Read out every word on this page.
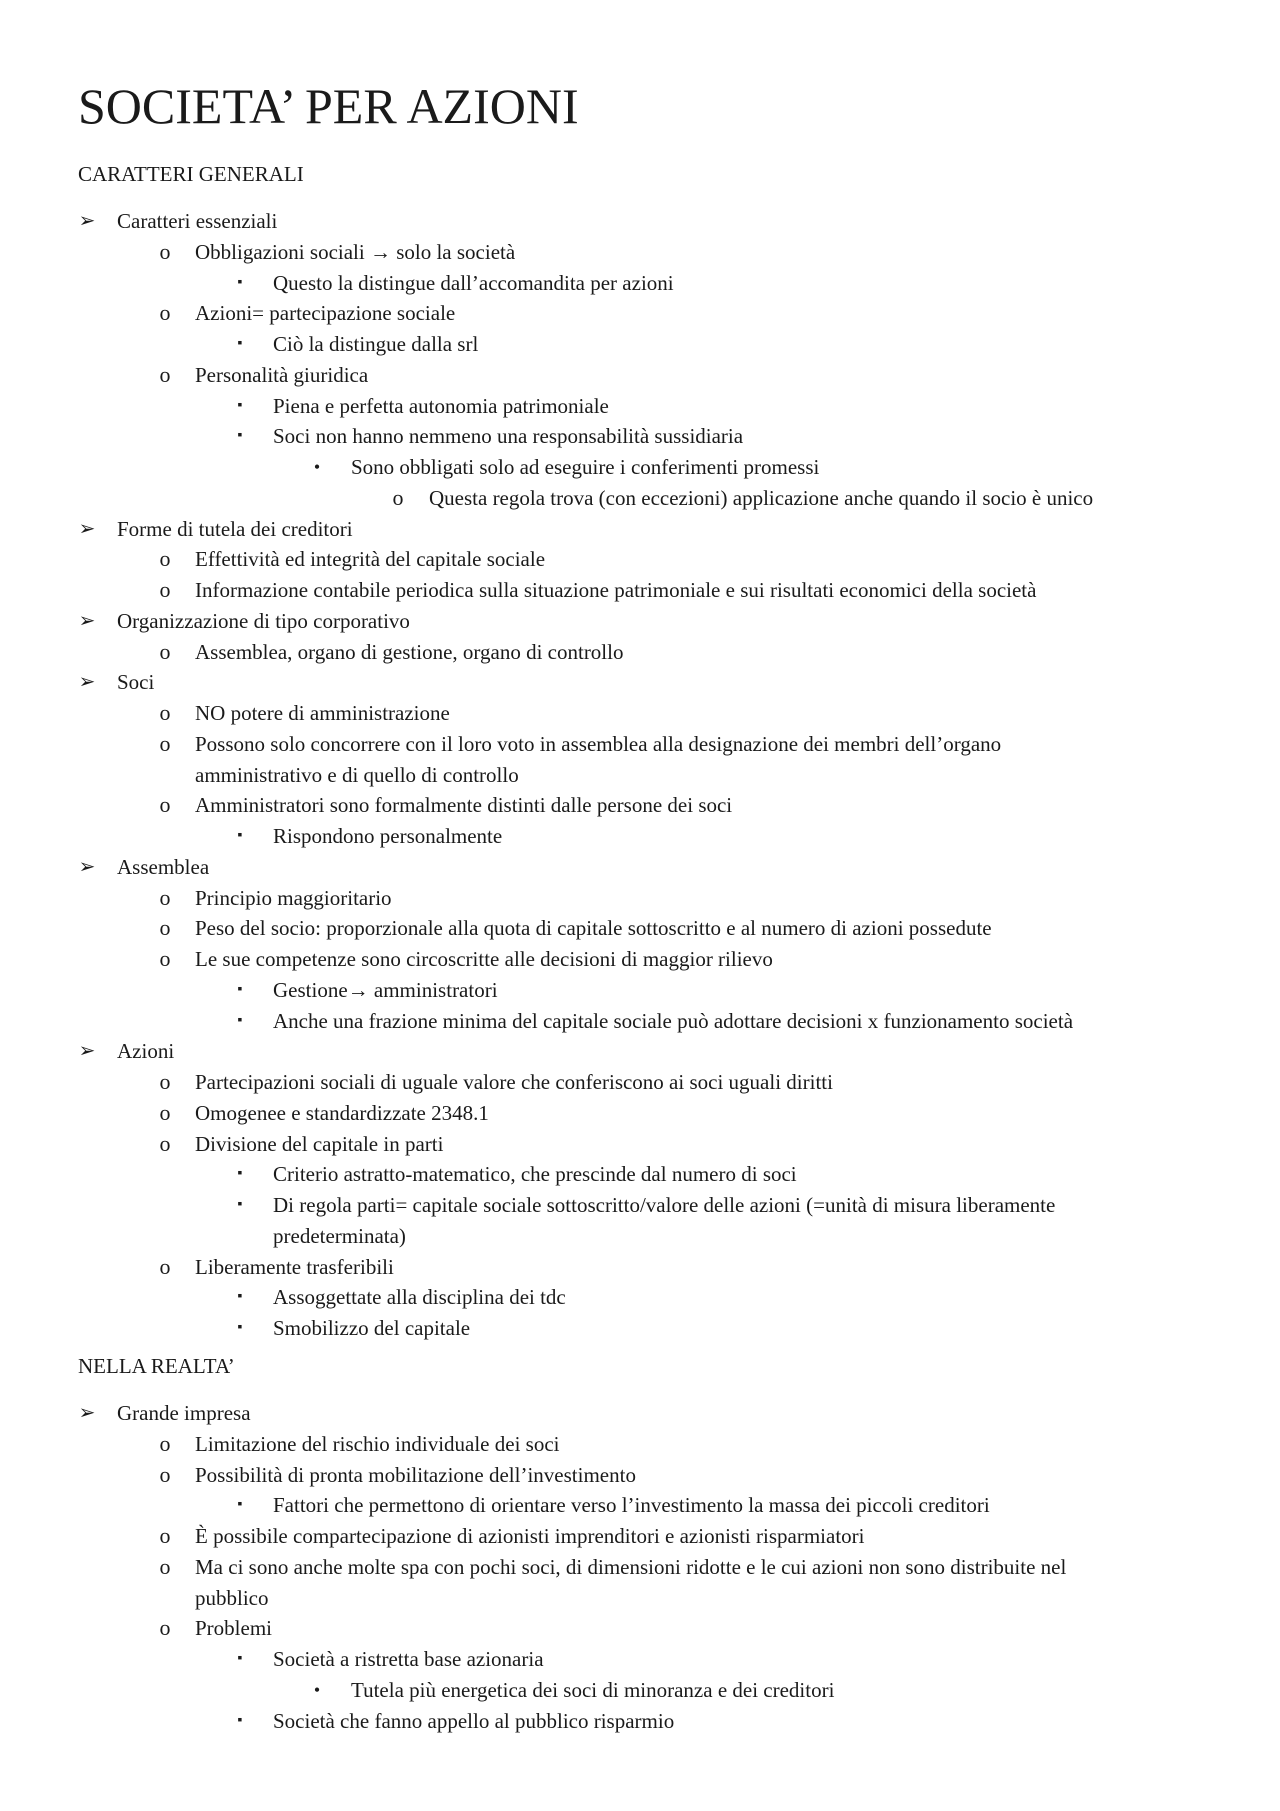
SOCIETA’ PER AZIONI
CARATTERI GENERALI
➢ Caratteri essenziali
o	Obbligazioni sociali → solo la società
▪ Questo la distingue dall’accomandita per azioni
o	Azioni= partecipazione sociale
▪ Ciò la distingue dalla srl
o	Personalità giuridica
▪ Piena e perfetta autonomia patrimoniale
▪ Soci non hanno nemmeno una responsabilità sussidiaria
• Sono obbligati solo ad eseguire i conferimenti promessi
o	Questa regola trova (con eccezioni) applicazione anche quando il socio è unico
➢ Forme di tutela dei creditori
o	Effettività ed integrità del capitale sociale
o	Informazione contabile periodica sulla situazione patrimoniale e sui risultati economici della società
➢ Organizzazione di tipo corporativo
o	Assemblea, organo di gestione, organo di controllo
➢ Soci
o	NO potere di amministrazione
o	Possono solo concorrere con il loro voto in assemblea alla designazione dei membri dell’organo
amministrativo e di quello di controllo
o	Amministratori sono formalmente distinti dalle persone dei soci
▪ Rispondono personalmente
➢ Assemblea
o	Principio maggioritario
o	Peso del socio: proporzionale alla quota di capitale sottoscritto e al numero di azioni possedute
o	Le sue competenze sono circoscritte alle decisioni di maggior rilievo
▪ Gestione→ amministratori
▪ Anche una frazione minima del capitale sociale può adottare decisioni x funzionamento società
➢ Azioni
o	Partecipazioni sociali di uguale valore che conferiscono ai soci uguali diritti
o	Omogenee e standardizzate 2348.1
o	Divisione del capitale in parti
▪ Criterio astratto-matematico, che prescinde dal numero di soci
▪ Di regola parti= capitale sociale sottoscritto/valore delle azioni (=unità di misura liberamente
predeterminata)
o	Liberamente trasferibili
▪ Assoggettate alla disciplina dei tdc
▪ Smobilizzo del capitale
NELLA REALTA’
➢ Grande impresa
o	Limitazione del rischio individuale dei soci
o	Possibilità di pronta mobilitazione dell’investimento
▪ Fattori che permettono di orientare verso l’investimento la massa dei piccoli creditori
o	È possibile compartecipazione di azionisti imprenditori e azionisti risparmiatori
o	Ma ci sono anche molte spa con pochi soci, di dimensioni ridotte e le cui azioni non sono distribuite nel
pubblico
o	Problemi
▪ Società a ristretta base azionaria
• Tutela più energetica dei soci di minoranza e dei creditori
▪ Società che fanno appello al pubblico risparmio
